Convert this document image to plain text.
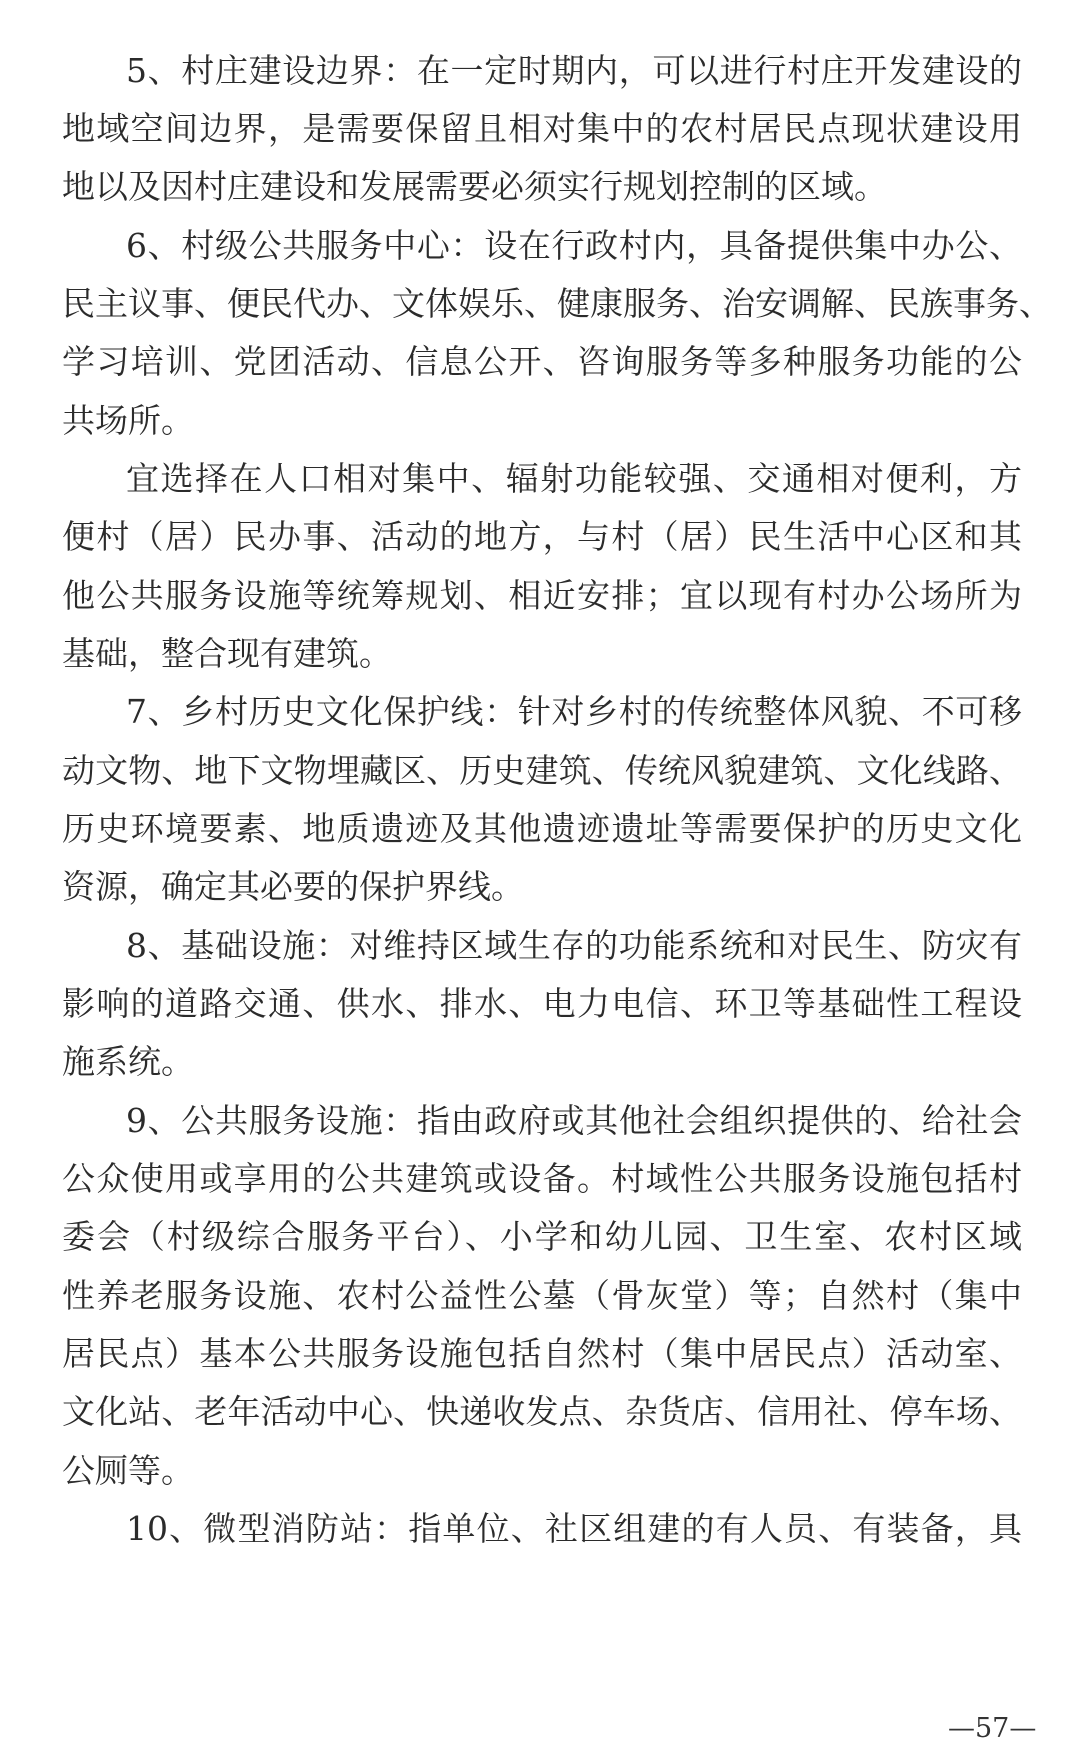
5、村庄建设边界：在一定时期内，可以进行村庄开发建设的
地域空间边界，是需要保留且相对集中的农村居民点现状建设用
地以及因村庄建设和发展需要必须实行规划控制的区域。
6、村级公共服务中心：设在行政村内，具备提供集中办公、
民主议事、便民代办、文体娱乐、健康服务、治安调解、民族事务、
学习培训、党团活动、信息公开、咨询服务等多种服务功能的公
共场所。
宜选择在人口相对集中、辐射功能较强、交通相对便利，方
便村（居）民办事、活动的地方，与村（居）民生活中心区和其
他公共服务设施等统筹规划、相近安排；宜以现有村办公场所为
基础，整合现有建筑。
7、乡村历史文化保护线：针对乡村的传统整体风貌、不可移
动文物、地下文物埋藏区、历史建筑、传统风貌建筑、文化线路、
历史环境要素、地质遗迹及其他遗迹遗址等需要保护的历史文化
资源，确定其必要的保护界线。
8、基础设施：对维持区域生存的功能系统和对民生、防灾有
影响的道路交通、供水、排水、电力电信、环卫等基础性工程设
施系统。
9、公共服务设施：指由政府或其他社会组织提供的、给社会
公众使用或享用的公共建筑或设备。村域性公共服务设施包括村
委会（村级综合服务平台）、小学和幼儿园、卫生室、农村区域
性养老服务设施、农村公益性公墓（骨灰堂）等；自然村（集中
居民点）基本公共服务设施包括自然村（集中居民点）活动室、
文化站、老年活动中心、快递收发点、杂货店、信用社、停车场、
公厕等。
10、微型消防站：指单位、社区组建的有人员、有装备，具
—57—
